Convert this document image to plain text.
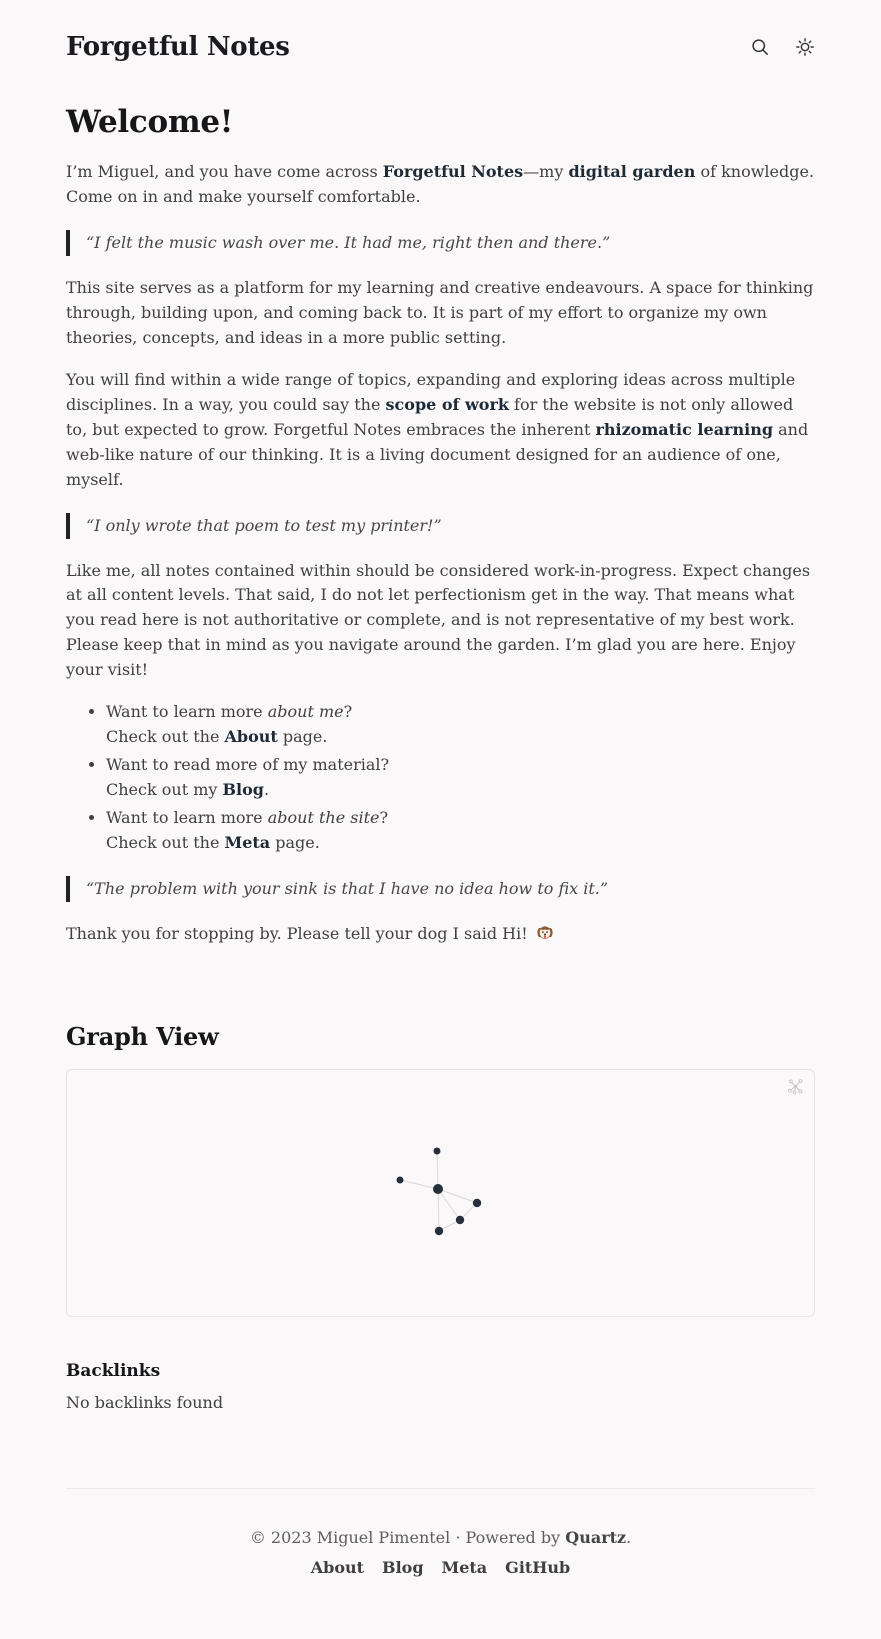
Forgetful Notes
Welcome!

I’m Miguel, and you have come across Forgetful Notes—my digital garden of knowledge. Come on in and make yourself comfortable.

“I felt the music wash over me. It had me, right then and there.”

This site serves as a platform for my learning and creative endeavours. A space for thinking through, building upon, and coming back to. It is part of my effort to organize my own theories, concepts, and ideas in a more public setting.

You will find within a wide range of topics, expanding and exploring ideas across multiple disciplines. In a way, you could say the scope of work for the website is not only allowed to, but expected to grow. Forgetful Notes embraces the inherent rhizomatic learning and web-like nature of our thinking. It is a living document designed for an audience of one, myself.

“I only wrote that poem to test my printer!”

Like me, all notes contained within should be considered work-in-progress. Expect changes at all content levels. That said, I do not let perfectionism get in the way. That means what you read here is not authoritative or complete, and is not representative of my best work. Please keep that in mind as you navigate around the garden. I’m glad you are here. Enjoy your visit!

• Want to learn more about me?
Check out the About page.
• Want to read more of my material?
Check out my Blog.
• Want to learn more about the site?
Check out the Meta page.
“The problem with your sink is that I have no idea how to fix it.”

Thank you for stopping by. Please tell your dog I said Hi!

Graph View
Backlinks

No backlinks found

© 2023 Miguel Pimentel · Powered by Quartz.

About Blog Meta GitHub
